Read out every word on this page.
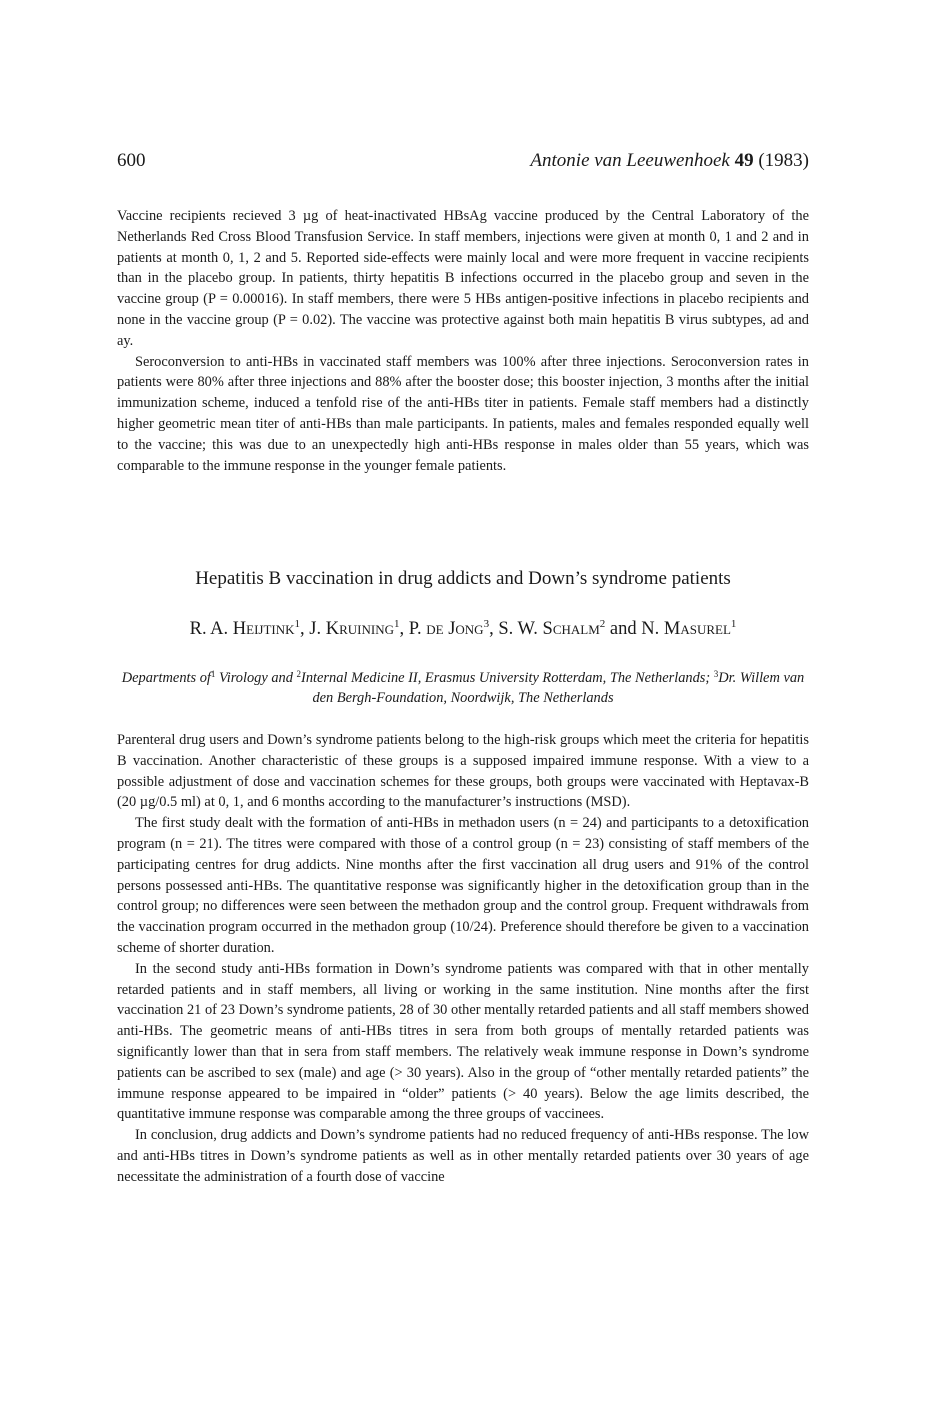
600	Antonie van Leeuwenhoek 49 (1983)

Vaccine recipients recieved 3 µg of heat-inactivated HBsAg vaccine produced by the Central Laboratory of the Netherlands Red Cross Blood Transfusion Service. In staff members, injections were given at month 0, 1 and 2 and in patients at month 0, 1, 2 and 5. Reported side-effects were mainly local and were more frequent in vaccine recipients than in the placebo group. In patients, thirty hepatitis B infections occurred in the placebo group and seven in the vaccine group (P = 0.00016). In staff members, there were 5 HBs antigen-positive infections in placebo recipients and none in the vaccine group (P = 0.02). The vaccine was protective against both main hepatitis B virus subtypes, ad and ay.

Seroconversion to anti-HBs in vaccinated staff members was 100% after three injections. Seroconversion rates in patients were 80% after three injections and 88% after the booster dose; this booster injection, 3 months after the initial immunization scheme, induced a tenfold rise of the anti-HBs titer in patients. Female staff members had a distinctly higher geometric mean titer of anti-HBs than male participants. In patients, males and females responded equally well to the vaccine; this was due to an unexpectedly high anti-HBs response in males older than 55 years, which was comparable to the immune response in the younger female patients.

Hepatitis B vaccination in drug addicts and Down’s syndrome patients
R. A. Heijtink$^1$, J. Kruining$^1$, P. de Jong$^3$, S. W. Schalm$^2$ and N. Masurel$^1$
Departments $of^1$ Virology and $^2$Internal Medicine II, Erasmus University Rotterdam, The Netherlands; $^3$Dr. Willem van den Bergh-Foundation, Noordwijk, The Netherlands

Parenteral drug users and Down’s syndrome patients belong to the high-risk groups which meet the criteria for hepatitis B vaccination. Another characteristic of these groups is a supposed impaired immune response. With a view to a possible adjustment of dose and vaccination schemes for these groups, both groups were vaccinated with Heptavax-B (20 µg/0.5 ml) at 0, 1, and 6 months according to the manufacturer’s instructions (MSD).

The first study dealt with the formation of anti-HBs in methadon users (n = 24) and participants to a detoxification program (n = 21). The titres were compared with those of a control group (n = 23) consisting of staff members of the participating centres for drug addicts. Nine months after the first vaccination all drug users and 91% of the control persons possessed anti-HBs. The quantitative response was significantly higher in the detoxification group than in the control group; no differences were seen between the methadon group and the control group. Frequent withdrawals from the vaccination program occurred in the methadon group (10/24). Preference should therefore be given to a vaccination scheme of shorter duration.

In the second study anti-HBs formation in Down’s syndrome patients was compared with that in other mentally retarded patients and in staff members, all living or working in the same institution. Nine months after the first vaccination 21 of 23 Down’s syndrome patients, 28 of 30 other mentally retarded patients and all staff members showed anti-HBs. The geometric means of anti-HBs titres in sera from both groups of mentally retarded patients was significantly lower than that in sera from staff members. The relatively weak immune response in Down’s syndrome patients can be ascribed to sex (male) and age (> 30 years). Also in the group of “other mentally retarded patients” the immune response appeared to be impaired in “older” patients (> 40 years). Below the age limits described, the quantitative immune response was comparable among the three groups of vaccinees.

In conclusion, drug addicts and Down’s syndrome patients had no reduced frequency of anti-HBs response. The low and anti-HBs titres in Down’s syndrome patients as well as in other mentally retarded patients over 30 years of age necessitate the administration of a fourth dose of vaccine
